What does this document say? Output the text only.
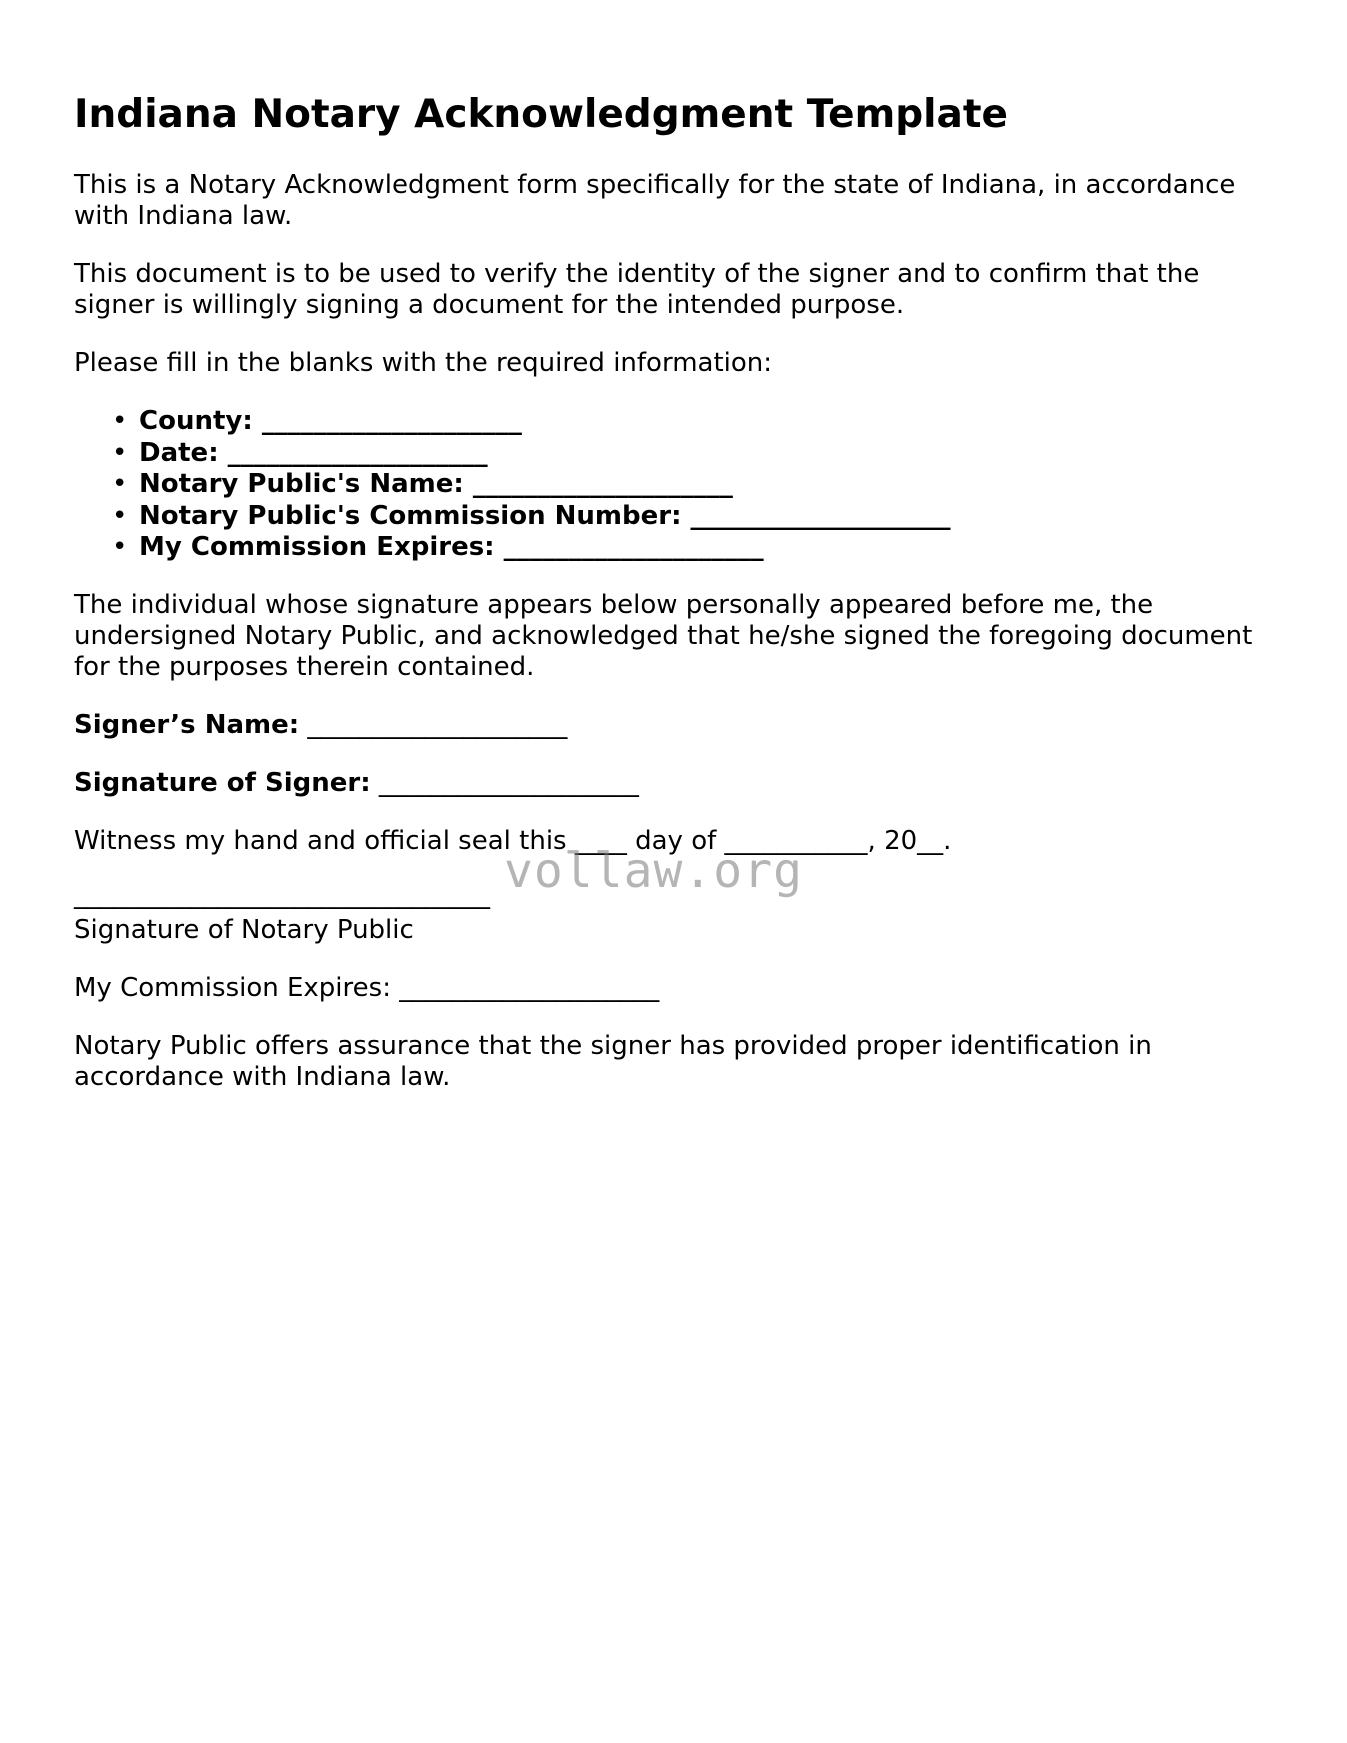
Indiana Notary Acknowledgment Template

This is a Notary Acknowledgment form specifically for the state of Indiana, in accordance

with Indiana law.

This document is to be used to verify the identity of the signer and to confirm that the

signer is willingly signing a document for the intended purpose.

Please fill in the blanks with the required information:

• County: ____________________
• Date: ____________________
• Notary Public's Name: ____________________
• Notary Public's Commission Number: ____________________
• My Commission Expires: ____________________

The individual whose signature appears below personally appeared before me, the

undersigned Notary Public, and acknowledged that he/she signed the foregoing document

for the purposes therein contained.

Signer’s Name: ____________________

Signature of Signer: ____________________

Witness my hand and official seal this ____ day of ___________, 20__.

________________________________

Signature of Notary Public

My Commission Expires: ____________________

Notary Public offers assurance that the signer has provided proper identification in

accordance with Indiana law.

vollaw.org
